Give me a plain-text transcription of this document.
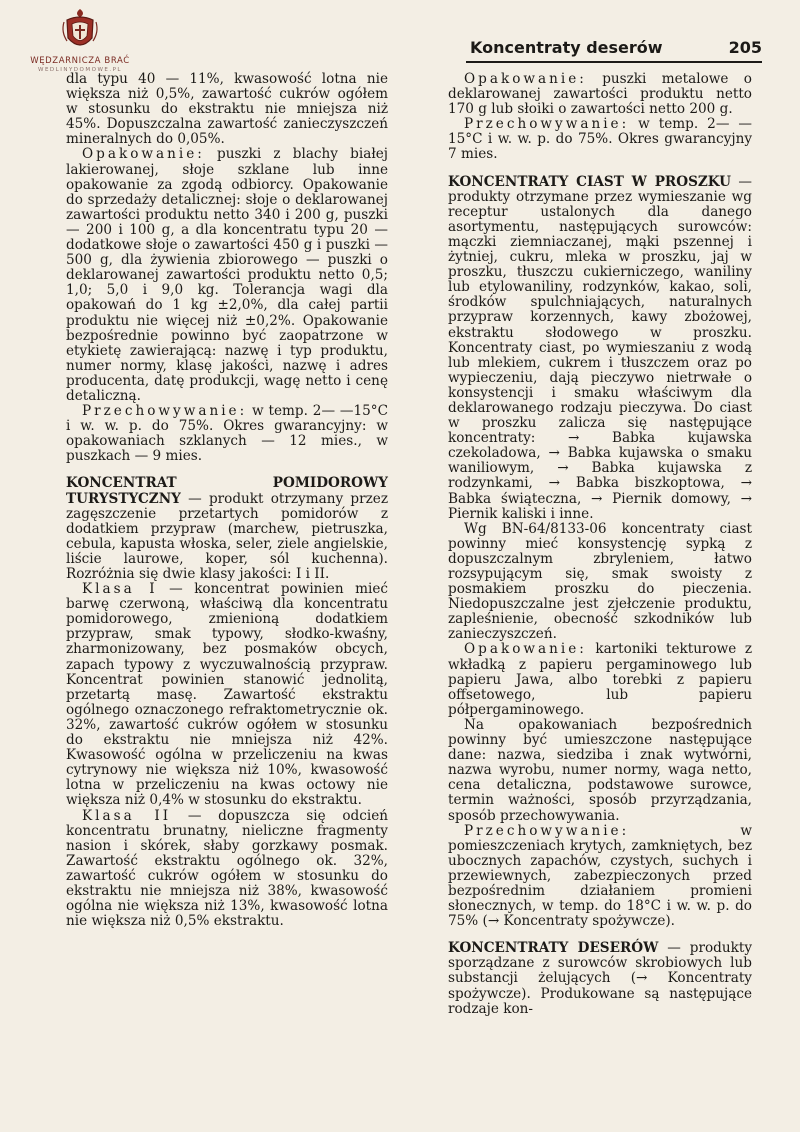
WĘDZARNICZA BRAĆ
WEDLINYDOMOWE.PL
Koncentraty deserów	205

dla typu 40 — 11%, kwasowość lotna nie większa niż 0,5%, zawartość cukrów ogółem w stosunku do ekstraktu nie mniejsza niż 45%. Dopuszczalna zawartość zanieczyszczeń mineralnych do 0,05%.

Opakowanie: puszki z blachy białej lakierowanej, słoje szklane lub inne opakowanie za zgodą odbiorcy. Opakowanie do sprzedaży detalicznej: słoje o deklarowanej zawartości produktu netto 340 i 200 g, puszki — 200 i 100 g, a dla koncentratu typu 20 — dodatkowe słoje o zawartości 450 g i puszki — 500 g, dla żywienia zbiorowego — puszki o deklarowanej zawartości produktu netto 0,5; 1,0; 5,0 i 9,0 kg. Tolerancja wagi dla opakowań do 1 kg ±2,0%, dla całej partii produktu nie więcej niż ±0,2%. Opakowanie bezpośrednie powinno być zaopatrzone w etykietę zawierającą: nazwę i typ produktu, numer normy, klasę jakości, nazwę i adres producenta, datę produkcji, wagę netto i cenę detaliczną.

Przechowywanie: w temp. 2— —15°C i w. w. p. do 75%. Okres gwarancyjny: w opakowaniach szklanych — 12 mies., w puszkach — 9 mies.

KONCENTRAT POMIDOROWY TURYSTYCZNY — produkt otrzymany przez zagęszczenie przetartych pomidorów z dodatkiem przypraw (marchew, pietruszka, cebula, kapusta włoska, seler, ziele angielskie, liście laurowe, koper, sól kuchenna). Rozróżnia się dwie klasy jakości: I i II.

Klasa I — koncentrat powinien mieć barwę czerwoną, właściwą dla koncentratu pomidorowego, zmienioną dodatkiem przypraw, smak typowy, słodko-kwaśny, zharmonizowany, bez posmaków obcych, zapach typowy z wyczuwalnością przypraw. Koncentrat powinien stanowić jednolitą, przetartą masę. Zawartość ekstraktu ogólnego oznaczonego refraktometrycznie ok. 32%, zawartość cukrów ogółem w stosunku do ekstraktu nie mniejsza niż 42%. Kwasowość ogólna w przeliczeniu na kwas cytrynowy nie większa niż 10%, kwasowość lotna w przeliczeniu na kwas octowy nie większa niż 0,4% w stosunku do ekstraktu.

Klasa II — dopuszcza się odcień koncentratu brunatny, nieliczne fragmenty nasion i skórek, słaby gorzkawy posmak. Zawartość ekstraktu ogólnego ok. 32%, zawartość cukrów ogółem w stosunku do ekstraktu nie mniejsza niż 38%, kwasowość ogólna nie większa niż 13%, kwasowość lotna nie większa niż 0,5% ekstraktu.

Opakowanie: puszki metalowe o deklarowanej zawartości produktu netto 170 g lub słoiki o zawartości netto 200 g.

Przechowywanie: w temp. 2— —15°C i w. w. p. do 75%. Okres gwarancyjny 7 mies.

KONCENTRATY CIAST W PROSZKU — produkty otrzymane przez wymieszanie wg receptur ustalonych dla danego asortymentu, następujących surowców: mączki ziemniaczanej, mąki pszennej i żytniej, cukru, mleka w proszku, jaj w proszku, tłuszczu cukierniczego, waniliny lub etylowaniliny, rodzynków, kakao, soli, środków spulchniających, naturalnych przypraw korzennych, kawy zbożowej, ekstraktu słodowego w proszku. Koncentraty ciast, po wymieszaniu z wodą lub mlekiem, cukrem i tłuszczem oraz po wypieczeniu, dają pieczywo nietrwałe o konsystencji i smaku właściwym dla deklarowanego rodzaju pieczywa. Do ciast w proszku zalicza się następujące koncentraty: → Babka kujawska czekoladowa, → Babka kujawska o smaku waniliowym, → Babka kujawska z rodzynkami, → Babka biszkoptowa, → Babka świąteczna, → Piernik domowy, → Piernik kaliski i inne.

Wg BN-64/8133-06 koncentraty ciast powinny mieć konsystencję sypką z dopuszczalnym zbryleniem, łatwo rozsypującym się, smak swoisty z posmakiem proszku do pieczenia. Niedopuszczalne jest zjełczenie produktu, zapleśnienie, obecność szkodników lub zanieczyszczeń.

Opakowanie: kartoniki tekturowe z wkładką z papieru pergaminowego lub papieru Jawa, albo torebki z papieru offsetowego, lub papieru półpergaminowego.

Na opakowaniach bezpośrednich powinny być umieszczone następujące dane: nazwa, siedziba i znak wytwórni, nazwa wyrobu, numer normy, waga netto, cena detaliczna, podstawowe surowce, termin ważności, sposób przyrządzania, sposób przechowywania.

Przechowywanie: w pomieszczeniach krytych, zamkniętych, bez ubocznych zapachów, czystych, suchych i przewiewnych, zabezpieczonych przed bezpośrednim działaniem promieni słonecznych, w temp. do 18°C i w. w. p. do 75% (→ Koncentraty spożywcze).

KONCENTRATY DESERÓW — produkty sporządzane z surowców skrobiowych lub substancji żelujących (→ Koncentraty spożywcze). Produkowane są następujące rodzaje kon-
